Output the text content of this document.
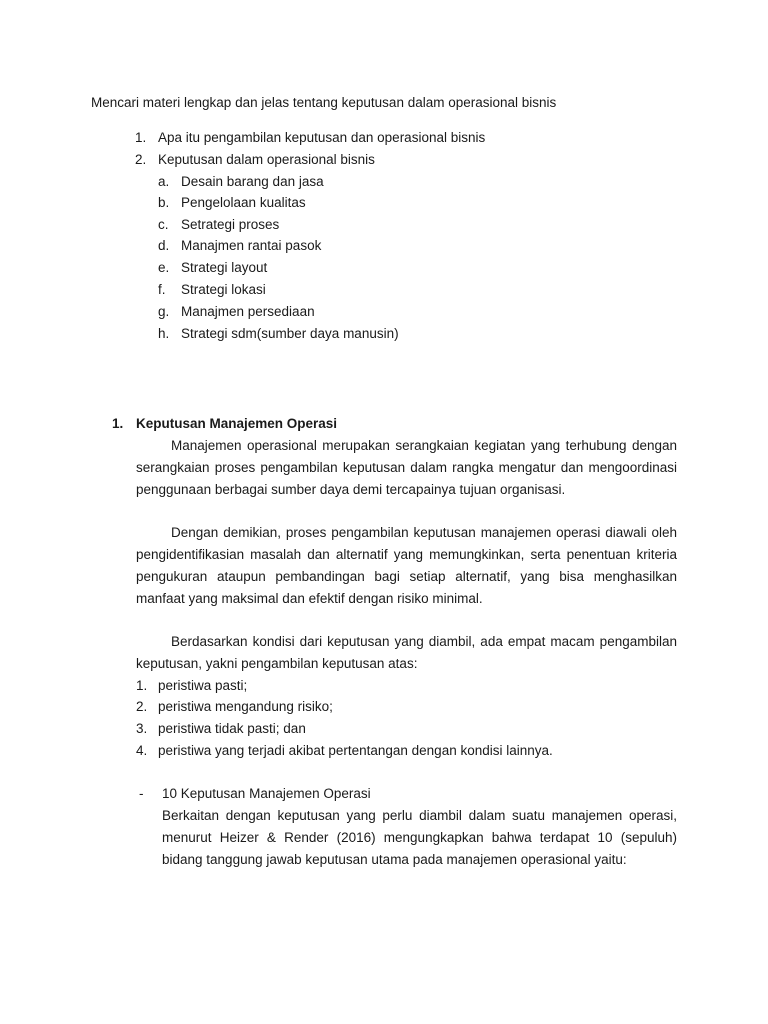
Mencari materi lengkap dan jelas tentang keputusan dalam operasional bisnis
1. Apa itu pengambilan keputusan dan operasional bisnis
2. Keputusan dalam operasional bisnis
a. Desain barang dan jasa
b. Pengelolaan kualitas
c. Setrategi proses
d. Manajmen rantai pasok
e. Strategi layout
f. Strategi lokasi
g. Manajmen persediaan
h. Strategi sdm(sumber daya manusin)
1. Keputusan Manajemen Operasi
Manajemen operasional merupakan serangkaian kegiatan yang terhubung dengan
serangkaian proses pengambilan keputusan dalam rangka mengatur dan mengoordinasi
penggunaan berbagai sumber daya demi tercapainya tujuan organisasi.
Dengan demikian, proses pengambilan keputusan manajemen operasi diawali oleh
pengidentifikasian masalah dan alternatif yang memungkinkan, serta penentuan kriteria
pengukuran ataupun pembandingan bagi setiap alternatif, yang bisa menghasilkan
manfaat yang maksimal dan efektif dengan risiko minimal.
Berdasarkan kondisi dari keputusan yang diambil, ada empat macam pengambilan
keputusan, yakni pengambilan keputusan atas:
1. peristiwa pasti;
2. peristiwa mengandung risiko;
3. peristiwa tidak pasti; dan
4. peristiwa yang terjadi akibat pertentangan dengan kondisi lainnya.
- 10 Keputusan Manajemen Operasi
Berkaitan dengan keputusan yang perlu diambil dalam suatu manajemen operasi,
menurut Heizer & Render (2016) mengungkapkan bahwa terdapat 10 (sepuluh)
bidang tanggung jawab keputusan utama pada manajemen operasional yaitu:
